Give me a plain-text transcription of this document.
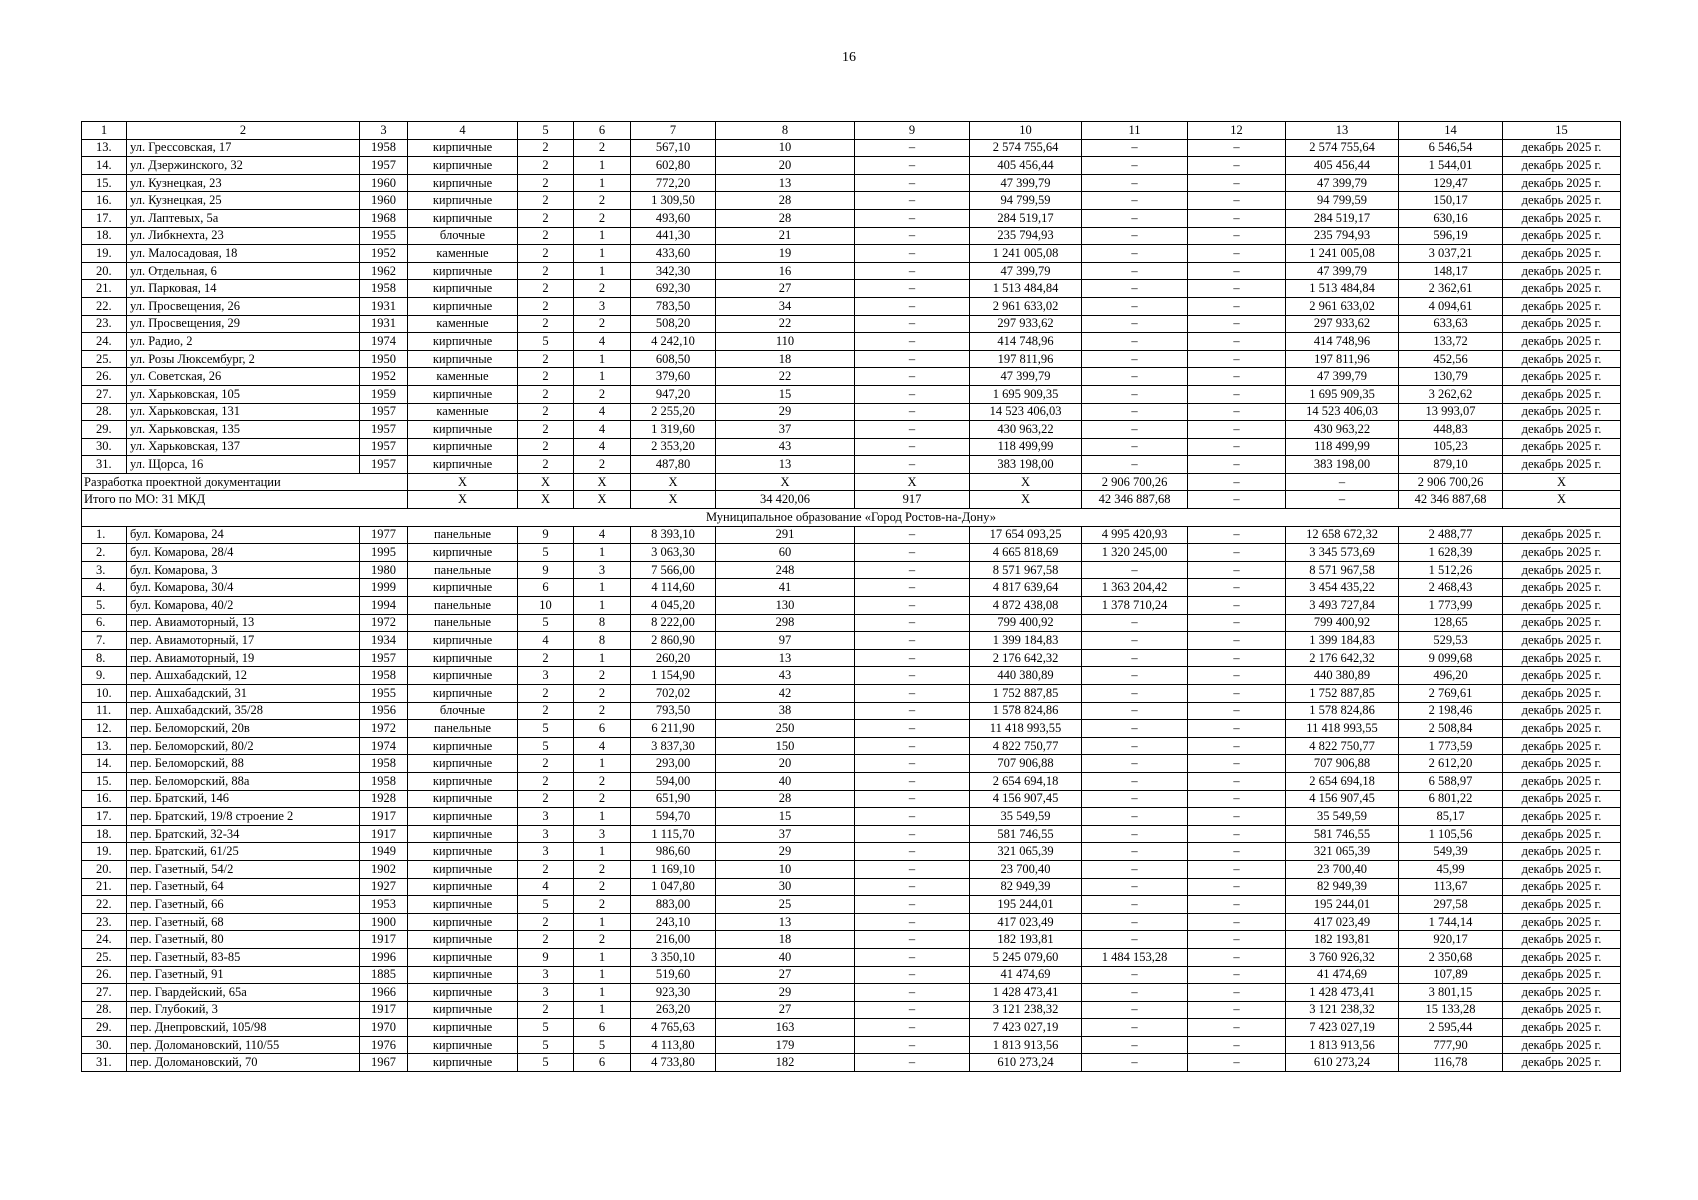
16
1	2	3	4	5	6	7	8	9	10	11	12	13	14	15	
13.	ул. Грессовская, 17	1958	кирпичные	2	2	567,10	10	–	2 574 755,64	–	–	2 574 755,64	6 546,54	декабрь 2025 г.	
14.	ул. Дзержинского, 32	1957	кирпичные	2	1	602,80	20	–	405 456,44	–	–	405 456,44	1 544,01	декабрь 2025 г.	
15.	ул. Кузнецкая, 23	1960	кирпичные	2	1	772,20	13	–	47 399,79	–	–	47 399,79	129,47	декабрь 2025 г.	
16.	ул. Кузнецкая, 25	1960	кирпичные	2	2	1 309,50	28	–	94 799,59	–	–	94 799,59	150,17	декабрь 2025 г.	
17.	ул. Лаптевых, 5а	1968	кирпичные	2	2	493,60	28	–	284 519,17	–	–	284 519,17	630,16	декабрь 2025 г.	
18.	ул. Либкнехта, 23	1955	блочные	2	1	441,30	21	–	235 794,93	–	–	235 794,93	596,19	декабрь 2025 г.	
19.	ул. Малосадовая, 18	1952	каменные	2	1	433,60	19	–	1 241 005,08	–	–	1 241 005,08	3 037,21	декабрь 2025 г.	
20.	ул. Отдельная, 6	1962	кирпичные	2	1	342,30	16	–	47 399,79	–	–	47 399,79	148,17	декабрь 2025 г.	
21.	ул. Парковая, 14	1958	кирпичные	2	2	692,30	27	–	1 513 484,84	–	–	1 513 484,84	2 362,61	декабрь 2025 г.	
22.	ул. Просвещения, 26	1931	кирпичные	2	3	783,50	34	–	2 961 633,02	–	–	2 961 633,02	4 094,61	декабрь 2025 г.	
23.	ул. Просвещения, 29	1931	каменные	2	2	508,20	22	–	297 933,62	–	–	297 933,62	633,63	декабрь 2025 г.	
24.	ул. Радио, 2	1974	кирпичные	5	4	4 242,10	110	–	414 748,96	–	–	414 748,96	133,72	декабрь 2025 г.	
25.	ул. Розы Люксембург, 2	1950	кирпичные	2	1	608,50	18	–	197 811,96	–	–	197 811,96	452,56	декабрь 2025 г.	
26.	ул. Советская, 26	1952	каменные	2	1	379,60	22	–	47 399,79	–	–	47 399,79	130,79	декабрь 2025 г.	
27.	ул. Харьковская, 105	1959	кирпичные	2	2	947,20	15	–	1 695 909,35	–	–	1 695 909,35	3 262,62	декабрь 2025 г.	
28.	ул. Харьковская, 131	1957	каменные	2	4	2 255,20	29	–	14 523 406,03	–	–	14 523 406,03	13 993,07	декабрь 2025 г.	
29.	ул. Харьковская, 135	1957	кирпичные	2	4	1 319,60	37	–	430 963,22	–	–	430 963,22	448,83	декабрь 2025 г.	
30.	ул. Харьковская, 137	1957	кирпичные	2	4	2 353,20	43	–	118 499,99	–	–	118 499,99	105,23	декабрь 2025 г.	
31.	ул. Щорса, 16	1957	кирпичные	2	2	487,80	13	–	383 198,00	–	–	383 198,00	879,10	декабрь 2025 г.	
Разработка проектной документации			X	X	X	X	X	X	X	2 906 700,26	–	–	2 906 700,26	X	
Итого по МО: 31 МКД			X	X	X	X	34 420,06	917	X	42 346 887,68	–	–	42 346 887,68	X	
Муниципальное образование «Город Ростов-на-Дону»															
1.	бул. Комарова, 24	1977	панельные	9	4	8 393,10	291	–	17 654 093,25	4 995 420,93	–	12 658 672,32	2 488,77	декабрь 2025 г.	
2.	бул. Комарова, 28/4	1995	кирпичные	5	1	3 063,30	60	–	4 665 818,69	1 320 245,00	–	3 345 573,69	1 628,39	декабрь 2025 г.	
3.	бул. Комарова, 3	1980	панельные	9	3	7 566,00	248	–	8 571 967,58	–	–	8 571 967,58	1 512,26	декабрь 2025 г.	
4.	бул. Комарова, 30/4	1999	кирпичные	6	1	4 114,60	41	–	4 817 639,64	1 363 204,42	–	3 454 435,22	2 468,43	декабрь 2025 г.	
5.	бул. Комарова, 40/2	1994	панельные	10	1	4 045,20	130	–	4 872 438,08	1 378 710,24	–	3 493 727,84	1 773,99	декабрь 2025 г.	
6.	пер. Авиамоторный, 13	1972	панельные	5	8	8 222,00	298	–	799 400,92	–	–	799 400,92	128,65	декабрь 2025 г.	
7.	пер. Авиамоторный, 17	1934	кирпичные	4	8	2 860,90	97	–	1 399 184,83	–	–	1 399 184,83	529,53	декабрь 2025 г.	
8.	пер. Авиамоторный, 19	1957	кирпичные	2	1	260,20	13	–	2 176 642,32	–	–	2 176 642,32	9 099,68	декабрь 2025 г.	
9.	пер. Ашхабадский, 12	1958	кирпичные	3	2	1 154,90	43	–	440 380,89	–	–	440 380,89	496,20	декабрь 2025 г.	
10.	пер. Ашхабадский, 31	1955	кирпичные	2	2	702,02	42	–	1 752 887,85	–	–	1 752 887,85	2 769,61	декабрь 2025 г.	
11.	пер. Ашхабадский, 35/28	1956	блочные	2	2	793,50	38	–	1 578 824,86	–	–	1 578 824,86	2 198,46	декабрь 2025 г.	
12.	пер. Беломорский, 20в	1972	панельные	5	6	6 211,90	250	–	11 418 993,55	–	–	11 418 993,55	2 508,84	декабрь 2025 г.	
13.	пер. Беломорский, 80/2	1974	кирпичные	5	4	3 837,30	150	–	4 822 750,77	–	–	4 822 750,77	1 773,59	декабрь 2025 г.	
14.	пер. Беломорский, 88	1958	кирпичные	2	1	293,00	20	–	707 906,88	–	–	707 906,88	2 612,20	декабрь 2025 г.	
15.	пер. Беломорский, 88а	1958	кирпичные	2	2	594,00	40	–	2 654 694,18	–	–	2 654 694,18	6 588,97	декабрь 2025 г.	
16.	пер. Братский, 146	1928	кирпичные	2	2	651,90	28	–	4 156 907,45	–	–	4 156 907,45	6 801,22	декабрь 2025 г.	
17.	пер. Братский, 19/8 строение 2	1917	кирпичные	3	1	594,70	15	–	35 549,59	–	–	35 549,59	85,17	декабрь 2025 г.	
18.	пер. Братский, 32-34	1917	кирпичные	3	3	1 115,70	37	–	581 746,55	–	–	581 746,55	1 105,56	декабрь 2025 г.	
19.	пер. Братский, 61/25	1949	кирпичные	3	1	986,60	29	–	321 065,39	–	–	321 065,39	549,39	декабрь 2025 г.	
20.	пер. Газетный, 54/2	1902	кирпичные	2	2	1 169,10	10	–	23 700,40	–	–	23 700,40	45,99	декабрь 2025 г.	
21.	пер. Газетный, 64	1927	кирпичные	4	2	1 047,80	30	–	82 949,39	–	–	82 949,39	113,67	декабрь 2025 г.	
22.	пер. Газетный, 66	1953	кирпичные	5	2	883,00	25	–	195 244,01	–	–	195 244,01	297,58	декабрь 2025 г.	
23.	пер. Газетный, 68	1900	кирпичные	2	1	243,10	13	–	417 023,49	–	–	417 023,49	1 744,14	декабрь 2025 г.	
24.	пер. Газетный, 80	1917	кирпичные	2	2	216,00	18	–	182 193,81	–	–	182 193,81	920,17	декабрь 2025 г.	
25.	пер. Газетный, 83-85	1996	кирпичные	9	1	3 350,10	40	–	5 245 079,60	1 484 153,28	–	3 760 926,32	2 350,68	декабрь 2025 г.	
26.	пер. Газетный, 91	1885	кирпичные	3	1	519,60	27	–	41 474,69	–	–	41 474,69	107,89	декабрь 2025 г.	
27.	пер. Гвардейский, 65а	1966	кирпичные	3	1	923,30	29	–	1 428 473,41	–	–	1 428 473,41	3 801,15	декабрь 2025 г.	
28.	пер. Глубокий, 3	1917	кирпичные	2	1	263,20	27	–	3 121 238,32	–	–	3 121 238,32	15 133,28	декабрь 2025 г.	
29.	пер. Днепровский, 105/98	1970	кирпичные	5	6	4 765,63	163	–	7 423 027,19	–	–	7 423 027,19	2 595,44	декабрь 2025 г.	
30.	пер. Доломановский, 110/55	1976	кирпичные	5	5	4 113,80	179	–	1 813 913,56	–	–	1 813 913,56	777,90	декабрь 2025 г.	
31.	пер. Доломановский, 70	1967	кирпичные	5	6	4 733,80	182	–	610 273,24	–	–	610 273,24	116,78	декабрь 2025 г.	
